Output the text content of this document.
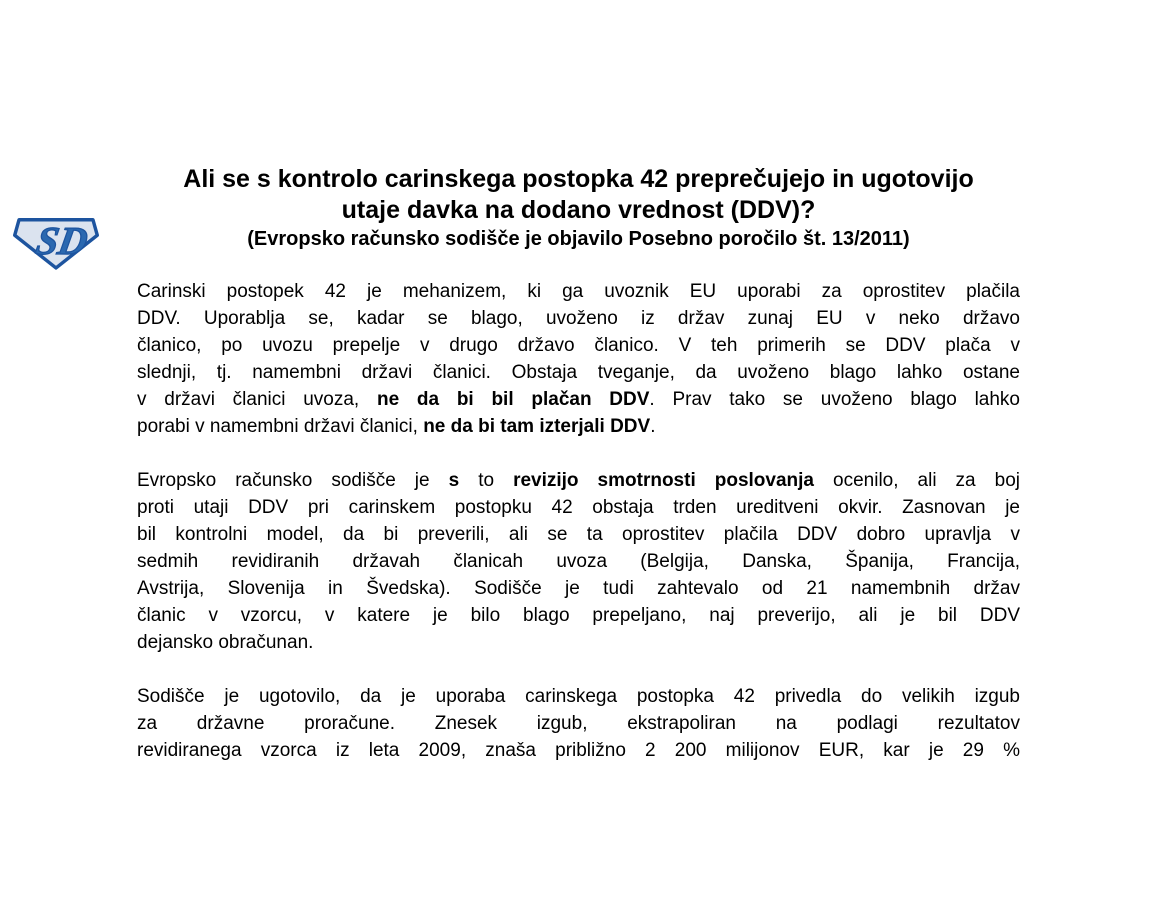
SD
Ali se s kontrolo carinskega postopka 42 preprečujejo in ugotovijo
utaje davka na dodano vrednost (DDV)?
(Evropsko računsko sodišče je objavilo Posebno poročilo št. 13/2011)
Carinski postopek 42 je mehanizem, ki ga uvoznik EU uporabi za oprostitev plačila
DDV. Uporablja se, kadar se blago, uvoženo iz držav zunaj EU v neko državo
članico, po uvozu prepelje v drugo državo članico. V teh primerih se DDV plača v
slednji, tj. namembni državi članici. Obstaja tveganje, da uvoženo blago lahko ostane
v državi članici uvoza, ne da bi bil plačan DDV. Prav tako se uvoženo blago lahko
porabi v namembni državi članici, ne da bi tam izterjali DDV.
Evropsko računsko sodišče je s to revizijo smotrnosti poslovanja ocenilo, ali za boj
proti utaji DDV pri carinskem postopku 42 obstaja trden ureditveni okvir. Zasnovan je
bil kontrolni model, da bi preverili, ali se ta oprostitev plačila DDV dobro upravlja v
sedmih revidiranih državah članicah uvoza (Belgija, Danska, Španija, Francija,
Avstrija, Slovenija in Švedska). Sodišče je tudi zahtevalo od 21 namembnih držav
članic v vzorcu, v katere je bilo blago prepeljano, naj preverijo, ali je bil DDV
dejansko obračunan.
Sodišče je ugotovilo, da je uporaba carinskega postopka 42 privedla do velikih izgub
za državne proračune. Znesek izgub, ekstrapoliran na podlagi rezultatov
revidiranega vzorca iz leta 2009, znaša približno 2 200 milijonov EUR, kar je 29 %
